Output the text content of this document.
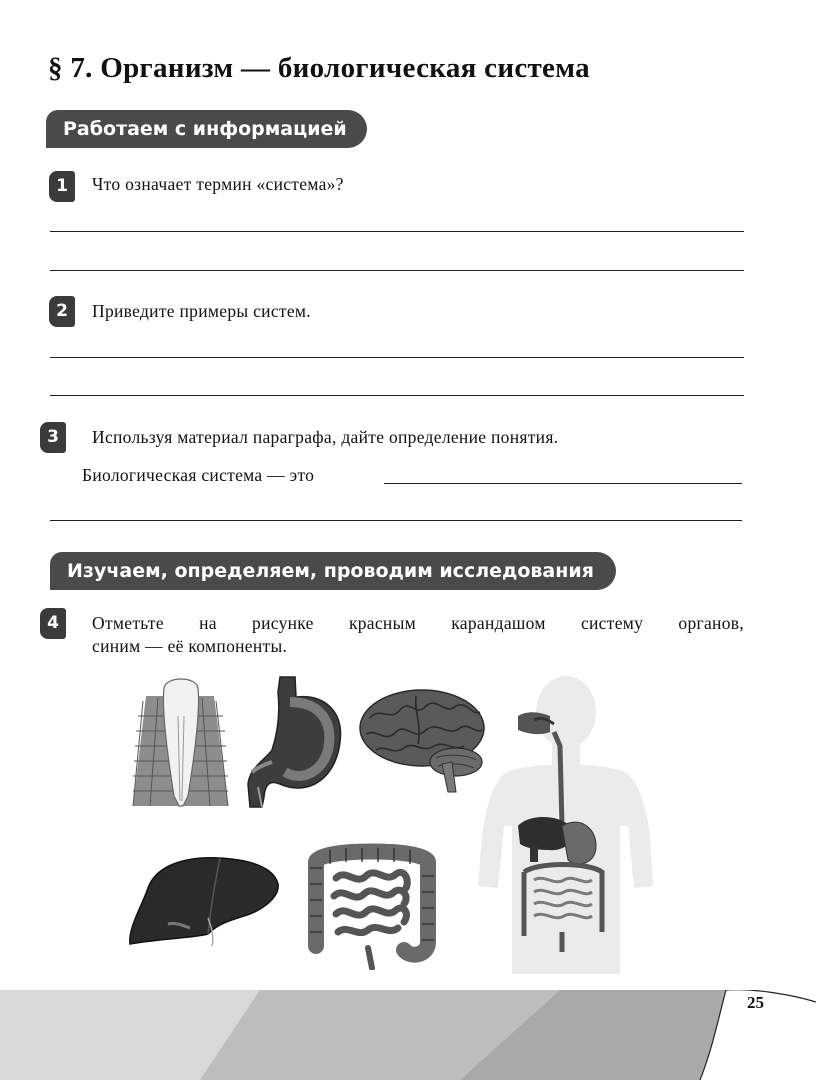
§ 7. Организм — биологическая система
Работаем с информацией
1	Что означает термин «система»?
2	Приведите примеры систем.
3	Используя материал параграфа, дайте определение понятия.
Биологическая система — это
Изучаем, определяем, проводим исследования
4	Отметьте на рисунке красным карандашом систему органов,
синим — её компоненты.
25
